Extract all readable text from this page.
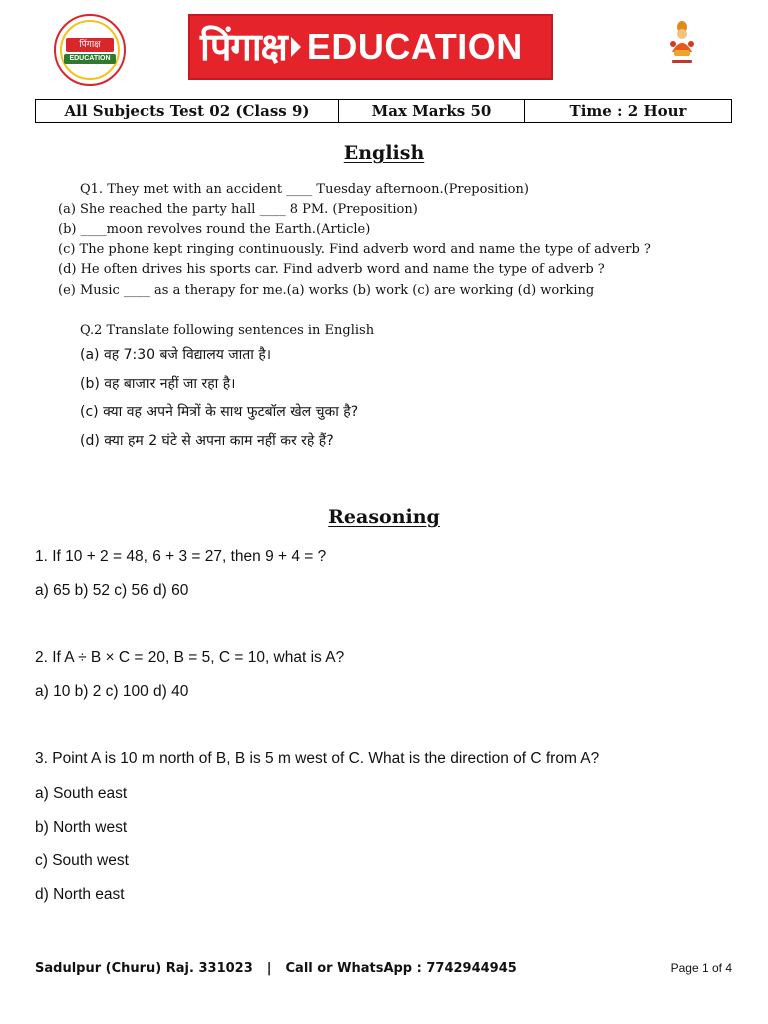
पिंगाक्ष
EDUCATION पिंगाक्ष EDUCATION
All Subjects Test 02 (Class 9)	Max Marks 50	Time : 2 Hour
English
Q1. They met with an accident ____ Tuesday afternoon.(Preposition)
(a) She reached the party hall ____ 8 PM. (Preposition)
(b) ____moon revolves round the Earth.(Article)
(c) The phone kept ringing continuously. Find adverb word and name the type of adverb ?
(d) He often drives his sports car. Find adverb word and name the type of adverb ?
(e) Music ____ as a therapy for me.(a) works (b) work (c) are working (d) working
Q.2 Translate following sentences in English
(a) वह 7:30 बजे विद्यालय जाता है।
(b) वह बाजार नहीं जा रहा है।
(c) क्या वह अपने मित्रों के साथ फुटबॉल खेल चुका है?
(d) क्या हम 2 घंटे से अपना काम नहीं कर रहे हैं?
Reasoning
1. If 10 + 2 = 48, 6 + 3 = 27, then 9 + 4 = ?
a) 65 b) 52 c) 56 d) 60
2. If A ÷ B × C = 20, B = 5, C = 10, what is A?
a) 10 b) 2 c) 100 d) 40
3. Point A is 10 m north of B, B is 5 m west of C. What is the direction of C from A?
a) South east
b) North west
c) South west
d) North east
Sadulpur (Churu) Raj. 331023 | Call or WhatsApp : 7742944945	Page 1 of 4
